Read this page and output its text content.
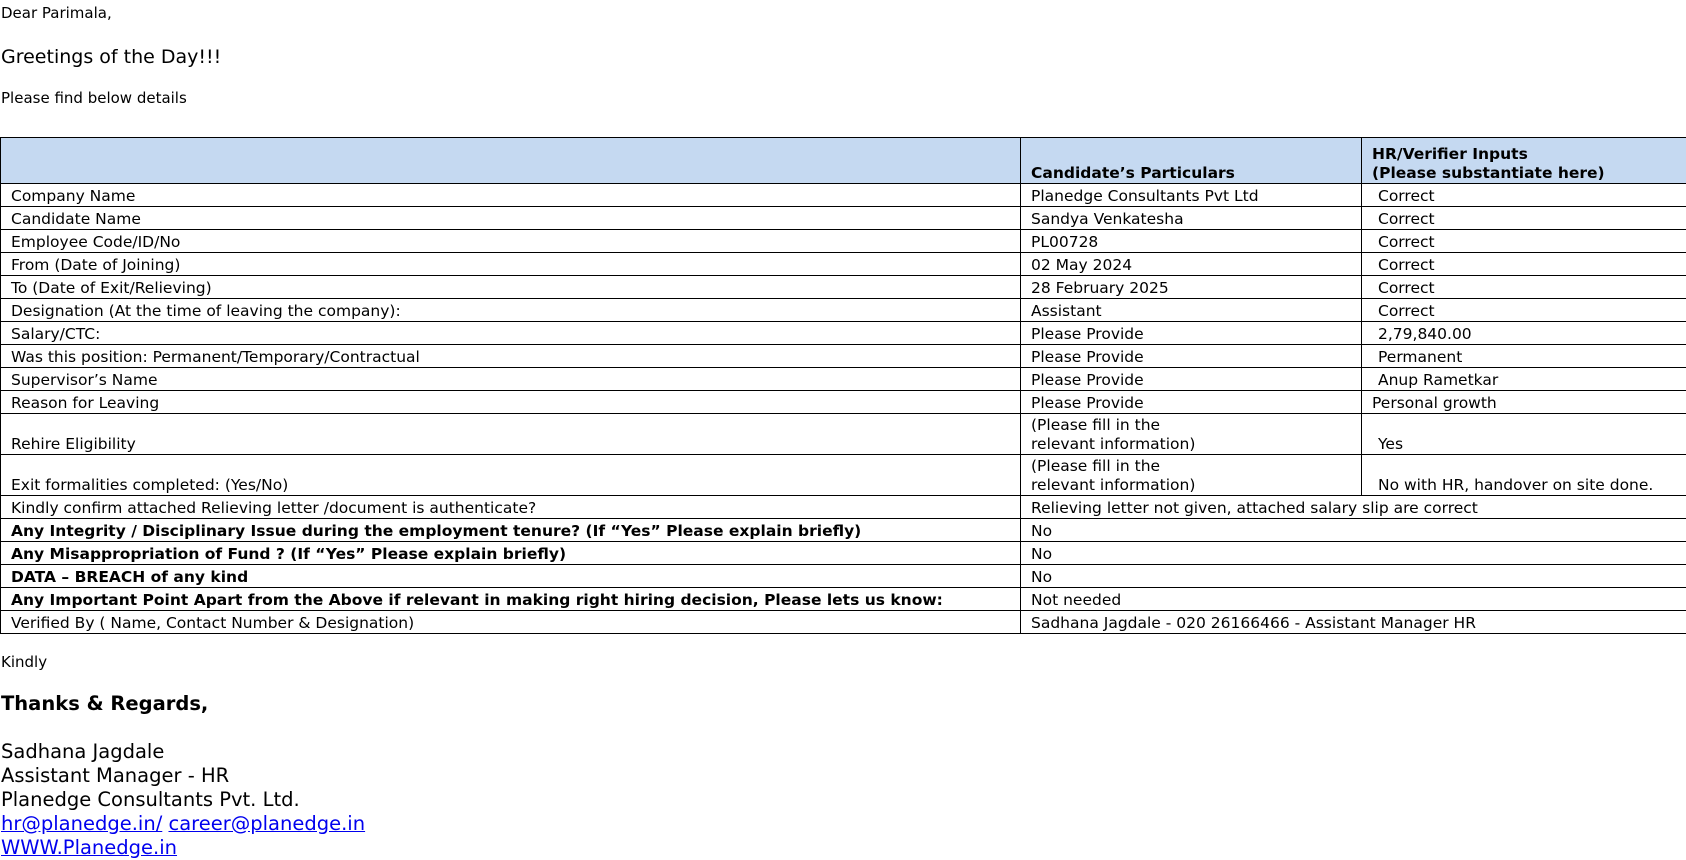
Dear Parimala,
Greetings of the Day!!!
Please find below details
	Candidate’s Particulars	HR/Verifier Inputs
(Please substantiate here)

Company Name	Planedge Consultants Pvt Ltd	Correct
Candidate Name	Sandya Venkatesha	Correct
Employee Code/ID/No	PL00728	Correct
From (Date of Joining)	02 May 2024	Correct
To (Date of Exit/Relieving)	28 February 2025	Correct
Designation (At the time of leaving the company):	Assistant	Correct
Salary/CTC:	Please Provide	2,79,840.00
Was this position: Permanent/Temporary/Contractual	Please Provide	Permanent
Supervisor’s Name	Please Provide	Anup Rametkar
Reason for Leaving	Please Provide	Personal growth
Rehire Eligibility	(Please fill in the
relevant information)	Yes
Exit formalities completed: (Yes/No)	(Please fill in the
relevant information)	No with HR, handover on site done.
Kindly confirm attached Relieving letter /document is authenticate?	Relieving letter not given, attached salary slip are correct	
Any Integrity / Disciplinary Issue during the employment tenure? (If “Yes” Please explain briefly)	No	
Any Misappropriation of Fund ? (If “Yes” Please explain briefly)	No	
DATA – BREACH of any kind	No	
Any Important Point Apart from the Above if relevant in making right hiring decision, Please lets us know:	Not needed	
Verified By ( Name, Contact Number & Designation)	Sadhana Jagdale - 020 26166466 - Assistant Manager HR	
Kindly
Thanks & Regards,
Sadhana Jagdale
Assistant Manager - HR
Planedge Consultants Pvt. Ltd.
hr@planedge.in/ career@planedge.in
WWW.Planedge.in
